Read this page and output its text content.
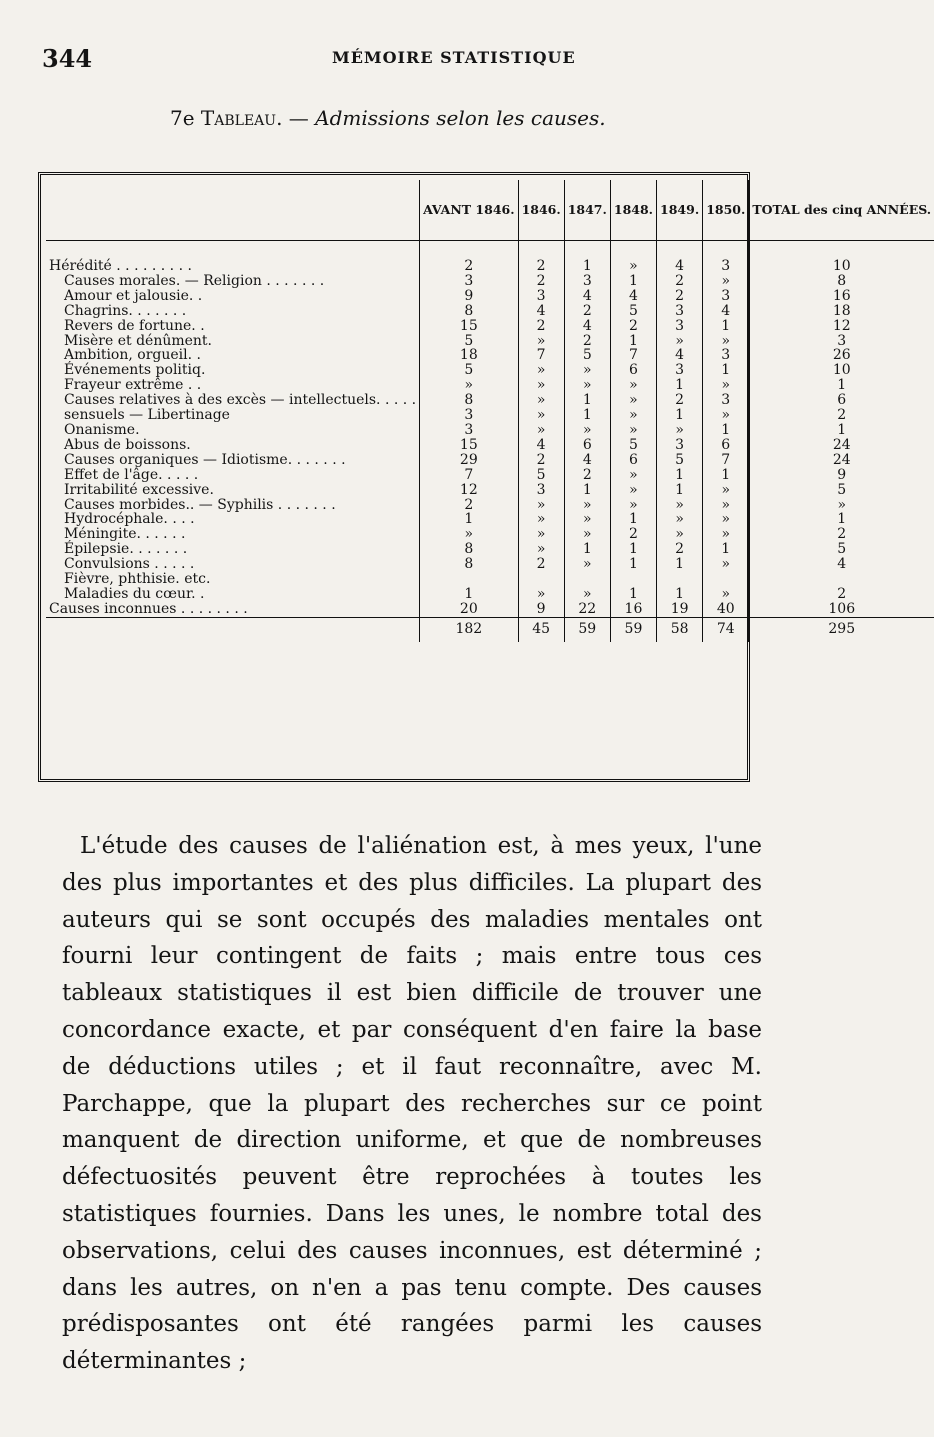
344	MÉMOIRE STATISTIQUE
7e Tableau. — Admissions selon les causes.
	AVANT 1846.	1846.	1847.	1848.	1849.	1850.	TOTAL des cinq ANNÉES.

Hérédité . . . . . . . . .	2	2	1	»	4	3	10
Causes morales. — Religion . . . . . . .	3	2	3	1	2	»	8
Amour et jalousie. .	9	3	4	4	2	3	16
Chagrins. . . . . . .	8	4	2	5	3	4	18
Revers de fortune. .	15	2	4	2	3	1	12
Misère et dénûment.	5	»	2	1	»	»	3
Ambition, orgueil. .	18	7	5	7	4	3	26
Événements politiq.	5	»	»	6	3	1	10
Frayeur extrême . .	»	»	»	»	1	»	1
Causes relatives à des excès — intellectuels. . . . .	8	»	1	»	2	3	6
sensuels — Libertinage	3	»	1	»	1	»	2
Onanisme.	3	»	»	»	»	1	1
Abus de boissons.	15	4	6	5	3	6	24
Causes organiques — Idiotisme. . . . . . .	29	2	4	6	5	7	24
Effet de l'âge. . . . .	7	5	2	»	1	1	9
Irritabilité excessive.	12	3	1	»	1	»	5
Causes morbides.. — Syphilis . . . . . . .	2	»	»	»	»	»	»
Hydrocéphale. . . .	1	»	»	1	»	»	1
Méningite. . . . . .	»	»	»	2	»	»	2
Épilepsie. . . . . . .	8	»	1	1	2	1	5
Convulsions . . . . .	8	2	»	1	1	»	4
Fièvre, phthisie. etc.							
Maladies du cœur. .	1	»	»	1	1	»	2
Causes inconnues . . . . . . . .	20	9	22	16	19	40	106
	182	45	59	59	58	74	295

L'étude des causes de l'aliénation est, à mes yeux, l'une des plus importantes et des plus difficiles. La plupart des auteurs qui se sont occupés des maladies mentales ont fourni leur contingent de faits ; mais entre tous ces tableaux statistiques il est bien difficile de trouver une concordance exacte, et par conséquent d'en faire la base de déductions utiles ; et il faut reconnaître, avec M. Parchappe, que la plupart des recherches sur ce point manquent de direction uniforme, et que de nombreuses défectuosités peuvent être reprochées à toutes les statistiques fournies. Dans les unes, le nombre total des observations, celui des causes inconnues, est déterminé ; dans les autres, on n'en a pas tenu compte. Des causes prédisposantes ont été rangées parmi les causes déterminantes ;
